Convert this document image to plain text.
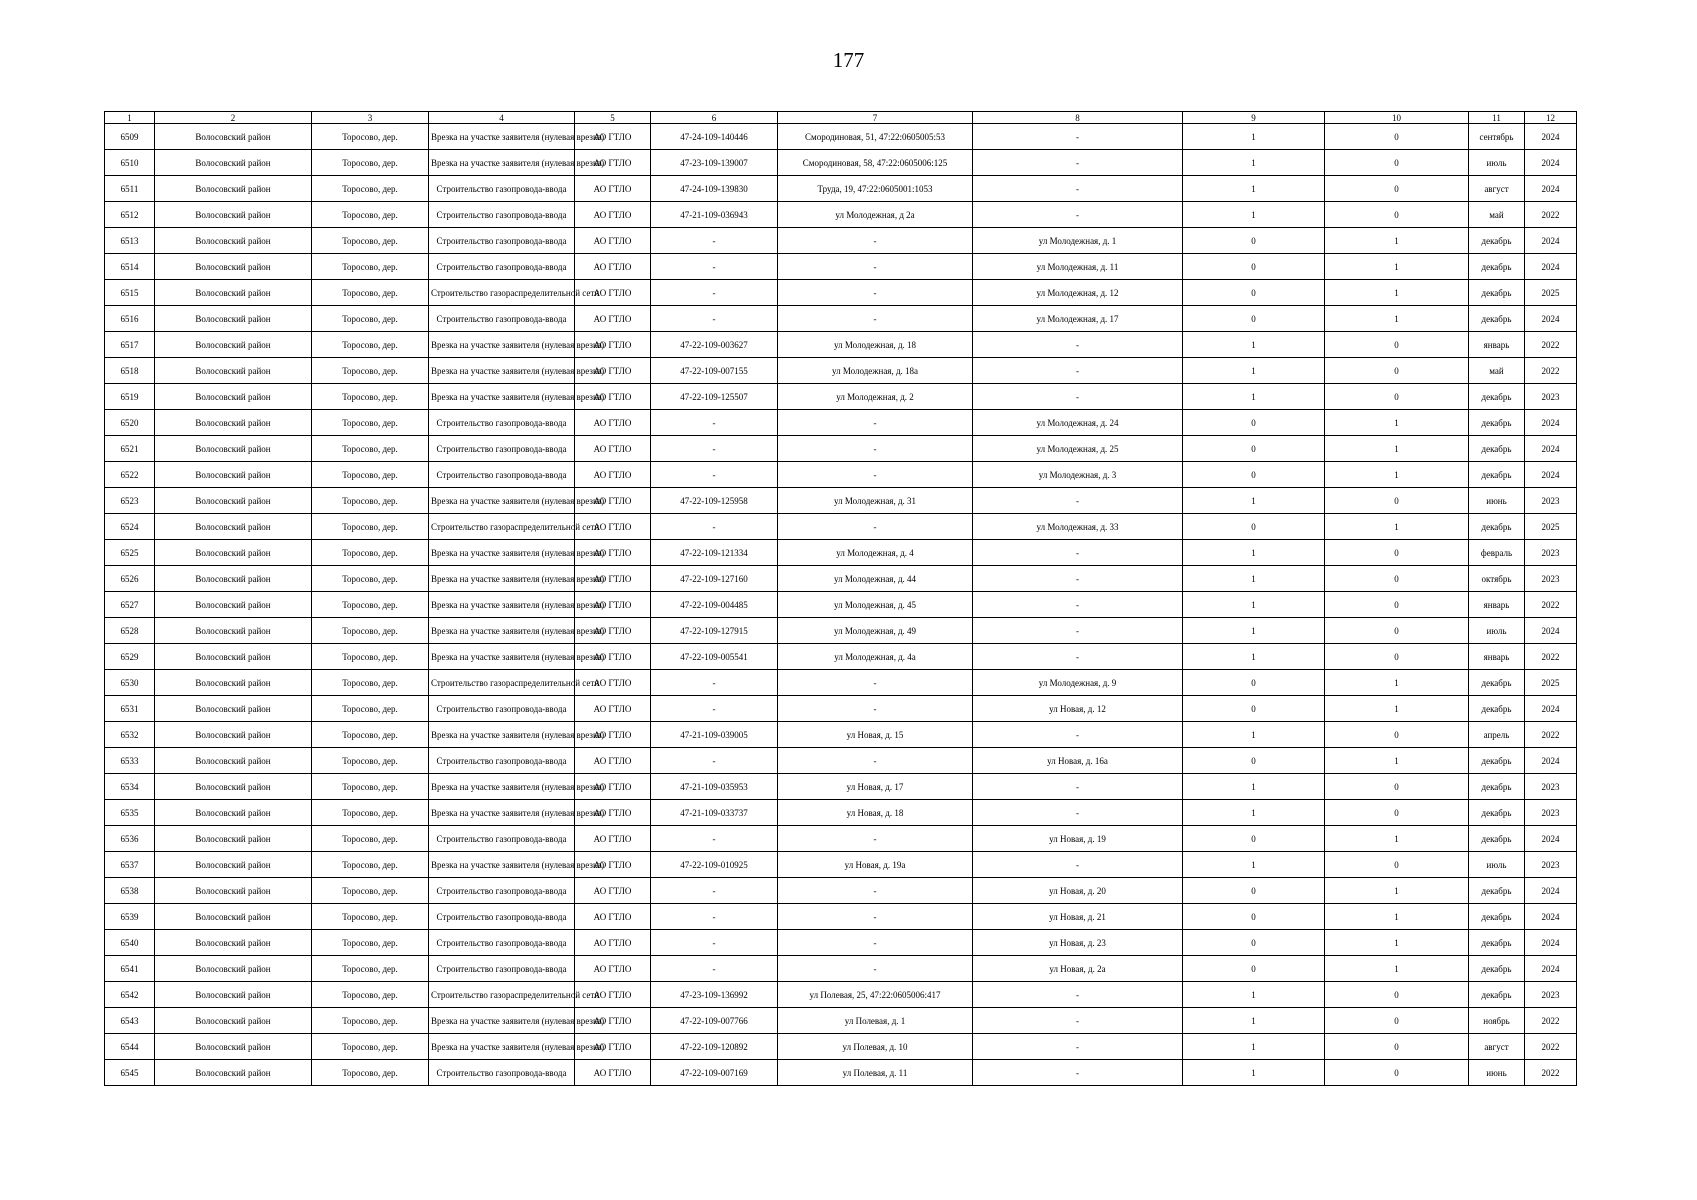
177
1	2	3	4	5	6	7	8	9	10	11	12
6509	Волосовский район	Торосово, дер.	Врезка на участке заявителя (нулевая врезка)	АО ГТЛО	47-24-109-140446	Смородиновая, 51, 47:22:0605005:53	-	1	0	сентябрь	2024
6510	Волосовский район	Торосово, дер.	Врезка на участке заявителя (нулевая врезка)	АО ГТЛО	47-23-109-139007	Смородиновая, 58, 47:22:0605006:125	-	1	0	июль	2024
6511	Волосовский район	Торосово, дер.	Строительство газопровода-ввода	АО ГТЛО	47-24-109-139830	Труда, 19, 47:22:0605001:1053	-	1	0	август	2024
6512	Волосовский район	Торосово, дер.	Строительство газопровода-ввода	АО ГТЛО	47-21-109-036943	ул Молодежная, д 2а	-	1	0	май	2022
6513	Волосовский район	Торосово, дер.	Строительство газопровода-ввода	АО ГТЛО	-	-	ул Молодежная, д. 1	0	1	декабрь	2024
6514	Волосовский район	Торосово, дер.	Строительство газопровода-ввода	АО ГТЛО	-	-	ул Молодежная, д. 11	0	1	декабрь	2024
6515	Волосовский район	Торосово, дер.	Строительство газораспределительной сети	АО ГТЛО	-	-	ул Молодежная, д. 12	0	1	декабрь	2025
6516	Волосовский район	Торосово, дер.	Строительство газопровода-ввода	АО ГТЛО	-	-	ул Молодежная, д. 17	0	1	декабрь	2024
6517	Волосовский район	Торосово, дер.	Врезка на участке заявителя (нулевая врезка)	АО ГТЛО	47-22-109-003627	ул Молодежная, д. 18	-	1	0	январь	2022
6518	Волосовский район	Торосово, дер.	Врезка на участке заявителя (нулевая врезка)	АО ГТЛО	47-22-109-007155	ул Молодежная, д. 18а	-	1	0	май	2022
6519	Волосовский район	Торосово, дер.	Врезка на участке заявителя (нулевая врезка)	АО ГТЛО	47-22-109-125507	ул Молодежная, д. 2	-	1	0	декабрь	2023
6520	Волосовский район	Торосово, дер.	Строительство газопровода-ввода	АО ГТЛО	-	-	ул Молодежная, д. 24	0	1	декабрь	2024
6521	Волосовский район	Торосово, дер.	Строительство газопровода-ввода	АО ГТЛО	-	-	ул Молодежная, д. 25	0	1	декабрь	2024
6522	Волосовский район	Торосово, дер.	Строительство газопровода-ввода	АО ГТЛО	-	-	ул Молодежная, д. 3	0	1	декабрь	2024
6523	Волосовский район	Торосово, дер.	Врезка на участке заявителя (нулевая врезка)	АО ГТЛО	47-22-109-125958	ул Молодежная, д. 31	-	1	0	июнь	2023
6524	Волосовский район	Торосово, дер.	Строительство газораспределительной сети	АО ГТЛО	-	-	ул Молодежная, д. 33	0	1	декабрь	2025
6525	Волосовский район	Торосово, дер.	Врезка на участке заявителя (нулевая врезка)	АО ГТЛО	47-22-109-121334	ул Молодежная, д. 4	-	1	0	февраль	2023
6526	Волосовский район	Торосово, дер.	Врезка на участке заявителя (нулевая врезка)	АО ГТЛО	47-22-109-127160	ул Молодежная, д. 44	-	1	0	октябрь	2023
6527	Волосовский район	Торосово, дер.	Врезка на участке заявителя (нулевая врезка)	АО ГТЛО	47-22-109-004485	ул Молодежная, д. 45	-	1	0	январь	2022
6528	Волосовский район	Торосово, дер.	Врезка на участке заявителя (нулевая врезка)	АО ГТЛО	47-22-109-127915	ул Молодежная, д. 49	-	1	0	июль	2024
6529	Волосовский район	Торосово, дер.	Врезка на участке заявителя (нулевая врезка)	АО ГТЛО	47-22-109-005541	ул Молодежная, д. 4а	-	1	0	январь	2022
6530	Волосовский район	Торосово, дер.	Строительство газораспределительной сети	АО ГТЛО	-	-	ул Молодежная, д. 9	0	1	декабрь	2025
6531	Волосовский район	Торосово, дер.	Строительство газопровода-ввода	АО ГТЛО	-	-	ул Новая, д. 12	0	1	декабрь	2024
6532	Волосовский район	Торосово, дер.	Врезка на участке заявителя (нулевая врезка)	АО ГТЛО	47-21-109-039005	ул Новая, д. 15	-	1	0	апрель	2022
6533	Волосовский район	Торосово, дер.	Строительство газопровода-ввода	АО ГТЛО	-	-	ул Новая, д. 16а	0	1	декабрь	2024
6534	Волосовский район	Торосово, дер.	Врезка на участке заявителя (нулевая врезка)	АО ГТЛО	47-21-109-035953	ул Новая, д. 17	-	1	0	декабрь	2023
6535	Волосовский район	Торосово, дер.	Врезка на участке заявителя (нулевая врезка)	АО ГТЛО	47-21-109-033737	ул Новая, д. 18	-	1	0	декабрь	2023
6536	Волосовский район	Торосово, дер.	Строительство газопровода-ввода	АО ГТЛО	-	-	ул Новая, д. 19	0	1	декабрь	2024
6537	Волосовский район	Торосово, дер.	Врезка на участке заявителя (нулевая врезка)	АО ГТЛО	47-22-109-010925	ул Новая, д. 19а	-	1	0	июль	2023
6538	Волосовский район	Торосово, дер.	Строительство газопровода-ввода	АО ГТЛО	-	-	ул Новая, д. 20	0	1	декабрь	2024
6539	Волосовский район	Торосово, дер.	Строительство газопровода-ввода	АО ГТЛО	-	-	ул Новая, д. 21	0	1	декабрь	2024
6540	Волосовский район	Торосово, дер.	Строительство газопровода-ввода	АО ГТЛО	-	-	ул Новая, д. 23	0	1	декабрь	2024
6541	Волосовский район	Торосово, дер.	Строительство газопровода-ввода	АО ГТЛО	-	-	ул Новая, д. 2а	0	1	декабрь	2024
6542	Волосовский район	Торосово, дер.	Строительство газораспределительной сети	АО ГТЛО	47-23-109-136992	ул Полевая, 25, 47:22:0605006:417	-	1	0	декабрь	2023
6543	Волосовский район	Торосово, дер.	Врезка на участке заявителя (нулевая врезка)	АО ГТЛО	47-22-109-007766	ул Полевая, д. 1	-	1	0	ноябрь	2022
6544	Волосовский район	Торосово, дер.	Врезка на участке заявителя (нулевая врезка)	АО ГТЛО	47-22-109-120892	ул Полевая, д. 10	-	1	0	август	2022
6545	Волосовский район	Торосово, дер.	Строительство газопровода-ввода	АО ГТЛО	47-22-109-007169	ул Полевая, д. 11	-	1	0	июнь	2022
